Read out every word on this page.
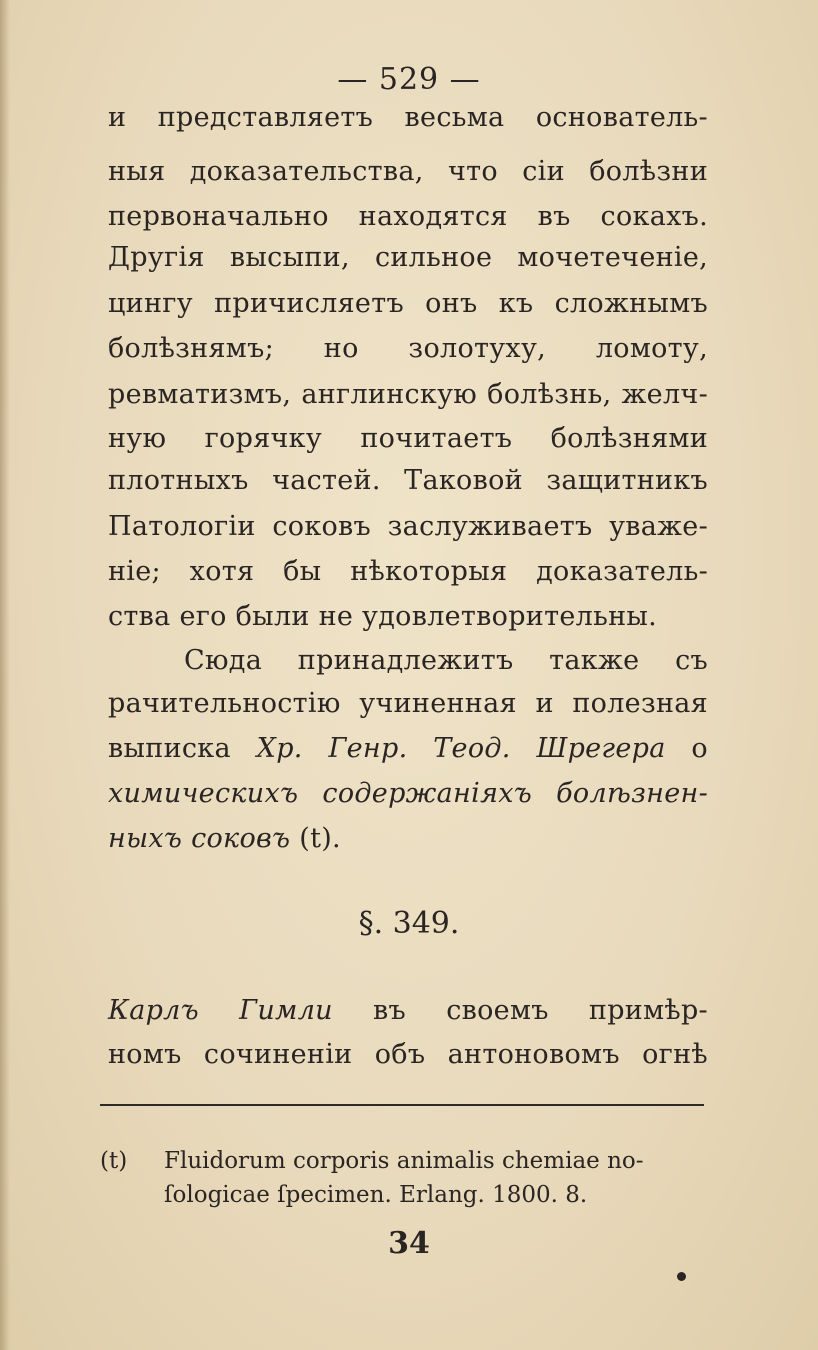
— 529 —
и представляетъ весьма основатель-
ныя доказательства, что сіи болѣзни
первоначально находятся въ сокахъ.
Другія высыпи, сильное мочетеченіе,
цингу причисляетъ онъ къ сложнымъ
болѣзнямъ; но золотуху, ломоту,
ревматизмъ, англинскую болѣзнь, желч-
ную горячку почитаетъ болѣзнями
плотныхъ частей. Таковой защитникъ
Патологіи соковъ заслуживаетъ уваже-
ніе; хотя бы нѣкоторыя доказатель-
ства его были не удовлетворительны.
Сюда принадлежитъ также съ
рачительностію учиненная и полезная
выписка Хр. Генр. Теод. Шрегера о
химическихъ содержаніяхъ болѣзнен-
ныхъ соковъ (t).
§. 349.
Карлъ Гимли въ своемъ примѣр-
номъ сочиненіи объ антоновомъ огнѣ
(t) Fluidorum corporis animalis chemiae no-
ſologicae ſpecimen. Erlang. 1800. 8.
34
